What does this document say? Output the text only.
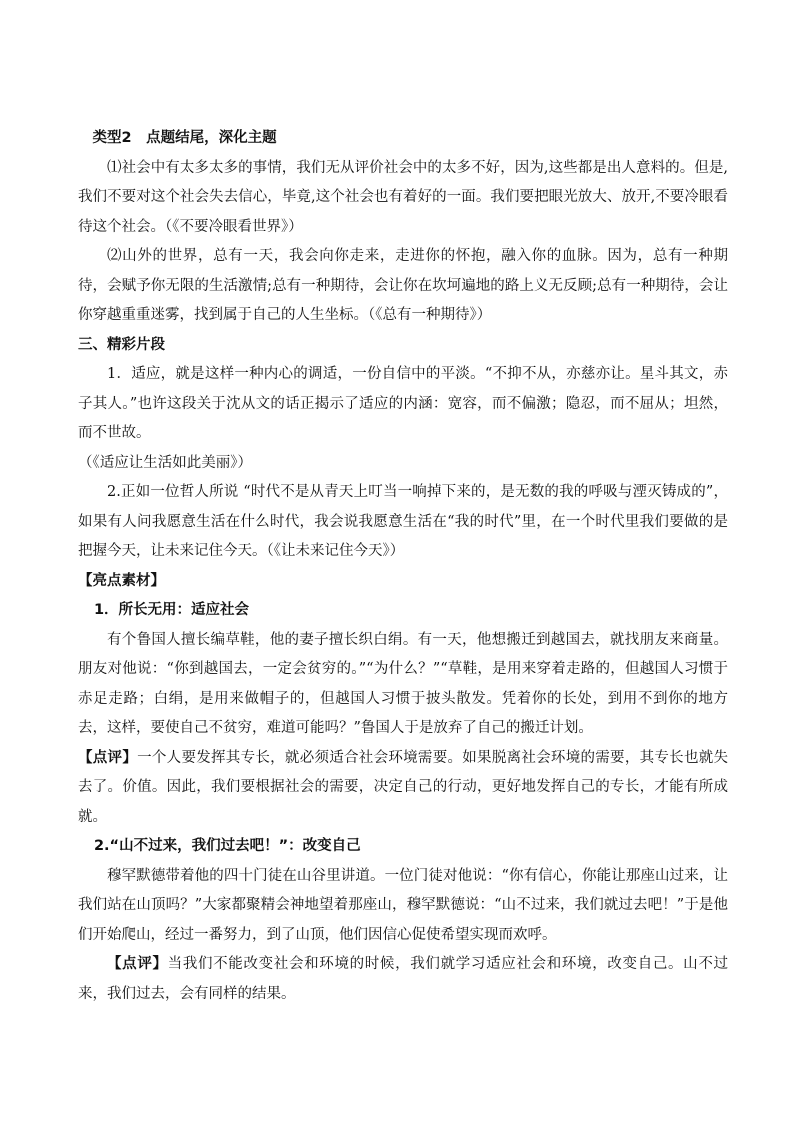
类型2　点题结尾，深化主题

⑴社会中有太多太多的事情，我们无从评价社会中的太多不好，因为,这些都是出人意料的。但是,我们不要对这个社会失去信心，毕竟,这个社会也有着好的一面。我们要把眼光放大、放开,不要冷眼看待这个社会。（《不要冷眼看世界》）

⑵山外的世界，总有一天，我会向你走来，走进你的怀抱，融入你的血脉。因为，总有一种期待，会赋予你无限的生活激情;总有一种期待，会让你在坎坷遍地的路上义无反顾;总有一种期待，会让你穿越重重迷雾，找到属于自己的人生坐标。（《总有一种期待》）

三、精彩片段

1．适应，就是这样一种内心的调适，一份自信中的平淡。“不抑不从，亦慈亦让。星斗其文，赤子其人。”也许这段关于沈从文的话正揭示了适应的内涵：宽容，而不偏激；隐忍，而不屈从；坦然，而不世故。

（《适应让生活如此美丽》）

2.正如一位哲人所说 “时代不是从青天上叮当一响掉下来的，是无数的我的呼吸与湮灭铸成的”，如果有人问我愿意生活在什么时代，我会说我愿意生活在“我的时代”里，在一个时代里我们要做的是把握今天，让未来记住今天。（《让未来记住今天》）

【亮点素材】

1．所长无用：适应社会

有个鲁国人擅长编草鞋，他的妻子擅长织白绢。有一天，他想搬迁到越国去，就找朋友来商量。朋友对他说：“你到越国去，一定会贫穷的。”“为什么？”“草鞋，是用来穿着走路的，但越国人习惯于赤足走路；白绢，是用来做帽子的，但越国人习惯于披头散发。凭着你的长处，到用不到你的地方去，这样，要使自己不贫穷，难道可能吗？”鲁国人于是放弃了自己的搬迁计划。

【点评】一个人要发挥其专长，就必须适合社会环境需要。如果脱离社会环境的需要，其专长也就失去了。价值。因此，我们要根据社会的需要，决定自己的行动，更好地发挥自己的专长，才能有所成就。

2.“山不过来，我们过去吧！”：改变自己

穆罕默德带着他的四十门徒在山谷里讲道。一位门徒对他说：“你有信心，你能让那座山过来，让我们站在山顶吗？”大家都聚精会神地望着那座山，穆罕默德说：“山不过来，我们就过去吧！”于是他们开始爬山，经过一番努力，到了山顶，他们因信心促使希望实现而欢呼。

【点评】当我们不能改变社会和环境的时候，我们就学习适应社会和环境，改变自己。山不过来，我们过去，会有同样的结果。
